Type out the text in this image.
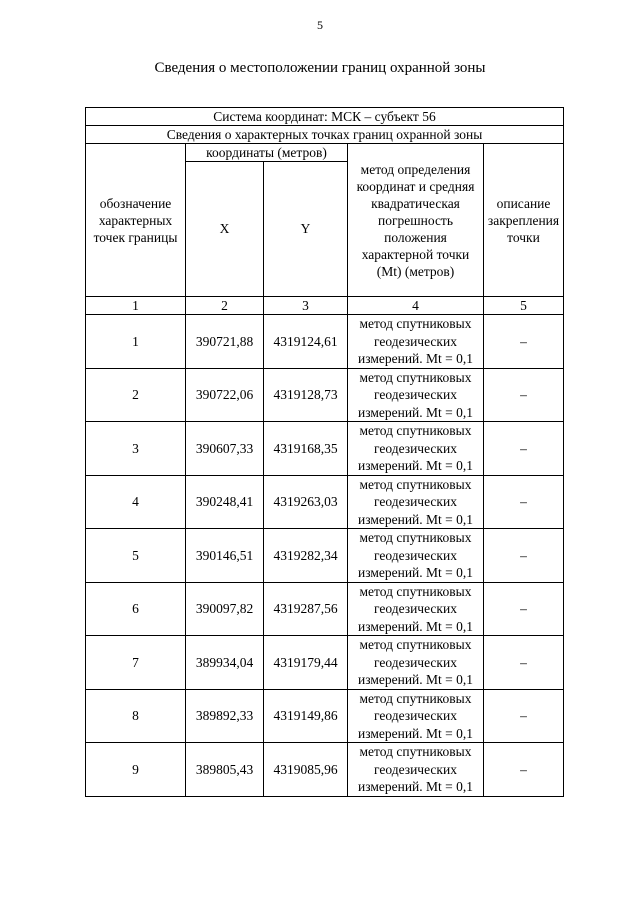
5
Сведения о местоположении границ охранной зоны
Система координат: МСК – субъект 56				
Сведения о характерных точках границ охранной зоны				
обозначение характерных точек границы	координаты (метров)		метод определения координат и средняя квадратическая погрешность положения характерной точки (Mt) (метров)	описание закрепления точки
	X	Y		
1	2	3	4	5
1	390721,88	4319124,61	метод спутниковых геодезических измерений. Mt = 0,1	–
2	390722,06	4319128,73	метод спутниковых геодезических измерений. Mt = 0,1	–
3	390607,33	4319168,35	метод спутниковых геодезических измерений. Mt = 0,1	–
4	390248,41	4319263,03	метод спутниковых геодезических измерений. Mt = 0,1	–
5	390146,51	4319282,34	метод спутниковых геодезических измерений. Mt = 0,1	–
6	390097,82	4319287,56	метод спутниковых геодезических измерений. Mt = 0,1	–
7	389934,04	4319179,44	метод спутниковых геодезических измерений. Mt = 0,1	–
8	389892,33	4319149,86	метод спутниковых геодезических измерений. Mt = 0,1	–
9	389805,43	4319085,96	метод спутниковых геодезических измерений. Mt = 0,1	–
